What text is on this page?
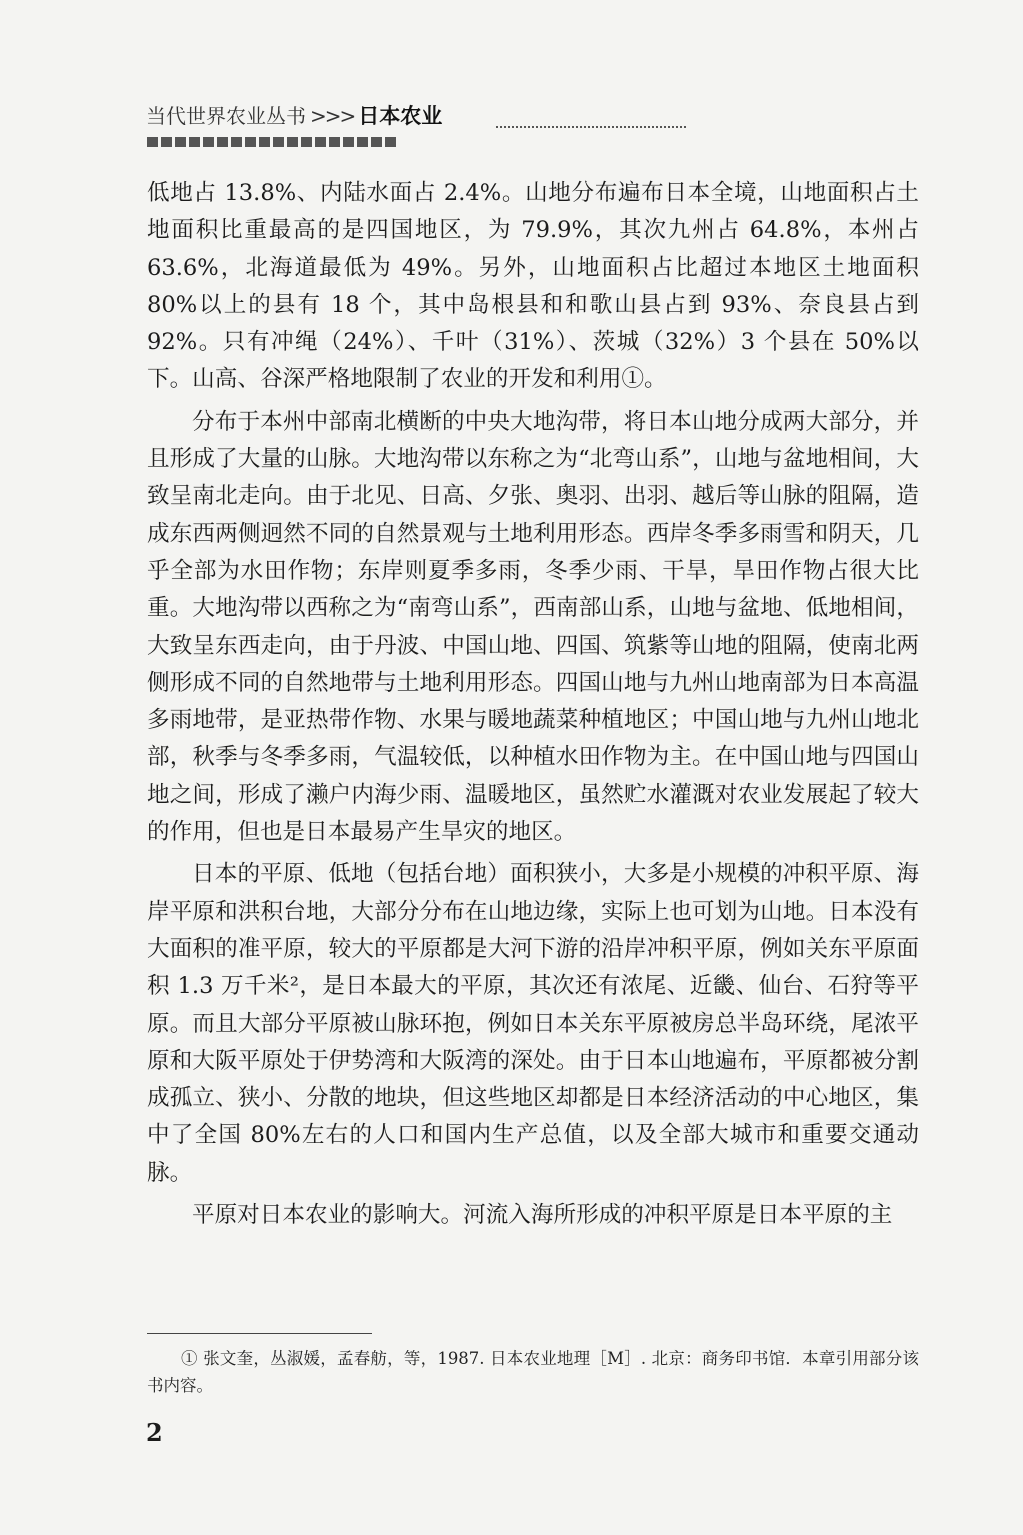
当代世界农业丛书 >>> 日本农业

低地占 13.8%、内陆水面占 2.4%。山地分布遍布日本全境，山地面积占土地面积比重最高的是四国地区，为 79.9%，其次九州占 64.8%，本州占 63.6%，北海道最低为 49%。另外，山地面积占比超过本地区土地面积 80%以上的县有 18 个，其中岛根县和和歌山县占到 93%、奈良县占到 92%。只有冲绳（24%）、千叶（31%）、茨城（32%）3 个县在 50%以下。山高、谷深严格地限制了农业的开发和利用①。

分布于本州中部南北横断的中央大地沟带，将日本山地分成两大部分，并且形成了大量的山脉。大地沟带以东称之为“北弯山系”，山地与盆地相间，大致呈南北走向。由于北见、日高、夕张、奥羽、出羽、越后等山脉的阻隔，造成东西两侧迥然不同的自然景观与土地利用形态。西岸冬季多雨雪和阴天，几乎全部为水田作物；东岸则夏季多雨，冬季少雨、干旱，旱田作物占很大比重。大地沟带以西称之为“南弯山系”，西南部山系，山地与盆地、低地相间，大致呈东西走向，由于丹波、中国山地、四国、筑紫等山地的阻隔，使南北两侧形成不同的自然地带与土地利用形态。四国山地与九州山地南部为日本高温多雨地带，是亚热带作物、水果与暖地蔬菜种植地区；中国山地与九州山地北部，秋季与冬季多雨，气温较低，以种植水田作物为主。在中国山地与四国山地之间，形成了濑户内海少雨、温暖地区，虽然贮水灌溉对农业发展起了较大的作用，但也是日本最易产生旱灾的地区。

日本的平原、低地（包括台地）面积狭小，大多是小规模的冲积平原、海岸平原和洪积台地，大部分分布在山地边缘，实际上也可划为山地。日本没有大面积的准平原，较大的平原都是大河下游的沿岸冲积平原，例如关东平原面积 1.3 万千米²，是日本最大的平原，其次还有浓尾、近畿、仙台、石狩等平原。而且大部分平原被山脉环抱，例如日本关东平原被房总半岛环绕，尾浓平原和大阪平原处于伊势湾和大阪湾的深处。由于日本山地遍布，平原都被分割成孤立、狭小、分散的地块，但这些地区却都是日本经济活动的中心地区，集中了全国 80%左右的人口和国内生产总值，以及全部大城市和重要交通动脉。

平原对日本农业的影响大。河流入海所形成的冲积平原是日本平原的主

① 张文奎，丛淑媛，孟春舫，等，1987. 日本农业地理［M］. 北京：商务印书馆．本章引用部分该书内容。
2
